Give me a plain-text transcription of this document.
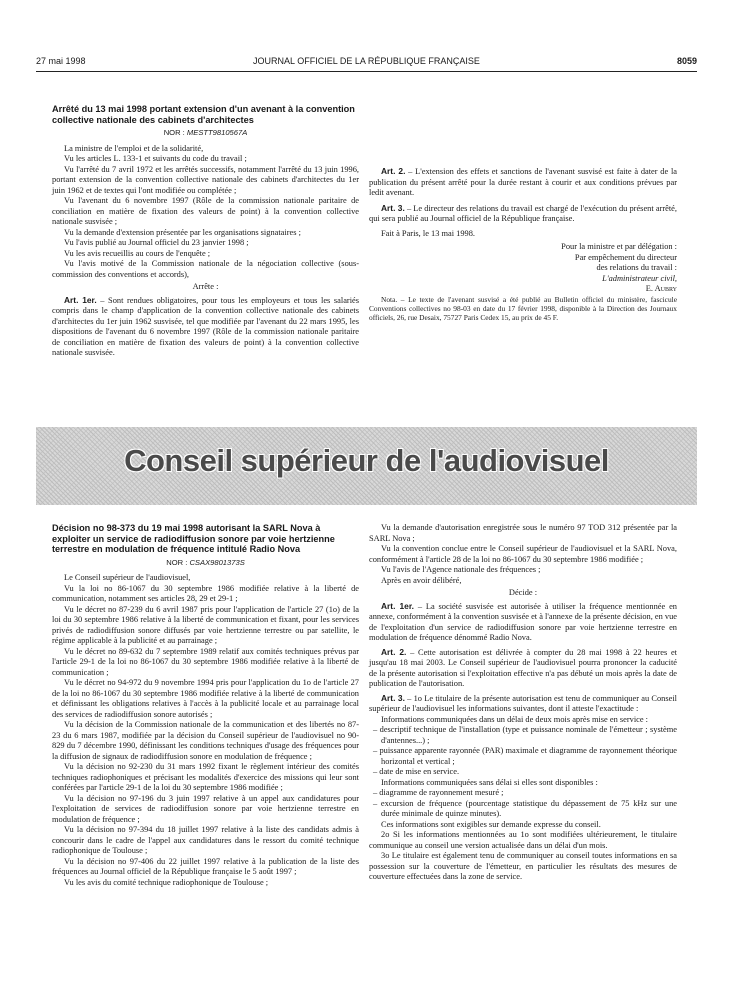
27 mai 1998	JOURNAL OFFICIEL DE LA RÉPUBLIQUE FRANÇAISE	8059
Arrêté du 13 mai 1998 portant extension d'un avenant à la convention collective nationale des cabinets d'architectes
NOR : MESTT9810567A

La ministre de l'emploi et de la solidarité,

Vu les articles L. 133-1 et suivants du code du travail ;

Vu l'arrêté du 7 avril 1972 et les arrêtés successifs, notamment l'arrêté du 13 juin 1996, portant extension de la convention collective nationale des cabinets d'architectes du 1er juin 1962 et de textes qui l'ont modifiée ou complétée ;

Vu l'avenant du 6 novembre 1997 (Rôle de la commission nationale paritaire de conciliation en matière de fixation des valeurs de point) à la convention collective nationale susvisée ;

Vu la demande d'extension présentée par les organisations signataires ;

Vu l'avis publié au Journal officiel du 23 janvier 1998 ;

Vu les avis recueillis au cours de l'enquête ;

Vu l'avis motivé de la Commission nationale de la négociation collective (sous-commission des conventions et accords),

Arrête :

Art. 1er. – Sont rendues obligatoires, pour tous les employeurs et tous les salariés compris dans le champ d'application de la convention collective nationale des cabinets d'architectes du 1er juin 1962 susvisée, tel que modifiée par l'avenant du 22 mars 1995, les dispositions de l'avenant du 6 novembre 1997 (Rôle de la commission nationale paritaire de conciliation en matière de fixation des valeurs de point) à la convention collective nationale susvisée.

Art. 2. – L'extension des effets et sanctions de l'avenant susvisé est faite à dater de la publication du présent arrêté pour la durée restant à courir et aux conditions prévues par ledit avenant.

Art. 3. – Le directeur des relations du travail est chargé de l'exécution du présent arrêté, qui sera publié au Journal officiel de la République française.

Fait à Paris, le 13 mai 1998.

Pour la ministre et par délégation :

Par empêchement du directeur

des relations du travail :

L'administrateur civil,

E. Aubry

Nota. – Le texte de l'avenant susvisé a été publié au Bulletin officiel du ministère, fascicule Conventions collectives no 98-03 en date du 17 février 1998, disponible à la Direction des Journaux officiels, 26, rue Desaix, 75727 Paris Cedex 15, au prix de 45 F.

Conseil supérieur de l'audiovisuel
Décision no 98-373 du 19 mai 1998 autorisant la SARL Nova à exploiter un service de radiodiffusion sonore par voie hertzienne terrestre en modulation de fréquence intitulé Radio Nova
NOR : CSAX9801373S

Le Conseil supérieur de l'audiovisuel,

Vu la loi no 86-1067 du 30 septembre 1986 modifiée relative à la liberté de communication, notamment ses articles 28, 29 et 29-1 ;

Vu le décret no 87-239 du 6 avril 1987 pris pour l'application de l'article 27 (1o) de la loi du 30 septembre 1986 relative à la liberté de communication et fixant, pour les services privés de radiodiffusion sonore diffusés par voie hertzienne terrestre ou par satellite, le régime applicable à la publicité et au parrainage ;

Vu le décret no 89-632 du 7 septembre 1989 relatif aux comités techniques prévus par l'article 29-1 de la loi no 86-1067 du 30 septembre 1986 modifiée relative à la liberté de communication ;

Vu le décret no 94-972 du 9 novembre 1994 pris pour l'application du 1o de l'article 27 de la loi no 86-1067 du 30 septembre 1986 modifiée relative à la liberté de communication et définissant les obligations relatives à l'accès à la publicité locale et au parrainage local des services de radiodiffusion sonore autorisés ;

Vu la décision de la Commission nationale de la communication et des libertés no 87-23 du 6 mars 1987, modifiée par la décision du Conseil supérieur de l'audiovisuel no 90-829 du 7 décembre 1990, définissant les conditions techniques d'usage des fréquences pour la diffusion de signaux de radiodiffusion sonore en modulation de fréquence ;

Vu la décision no 92-230 du 31 mars 1992 fixant le règlement intérieur des comités techniques radiophoniques et précisant les modalités d'exercice des missions qui leur sont conférées par l'article 29-1 de la loi du 30 septembre 1986 modifiée ;

Vu la décision no 97-196 du 3 juin 1997 relative à un appel aux candidatures pour l'exploitation de services de radiodiffusion sonore par voie hertzienne terrestre en modulation de fréquence ;

Vu la décision no 97-394 du 18 juillet 1997 relative à la liste des candidats admis à concourir dans le cadre de l'appel aux candidatures dans le ressort du comité technique radiophonique de Toulouse ;

Vu la décision no 97-406 du 22 juillet 1997 relative à la publication de la liste des fréquences au Journal officiel de la République française le 5 août 1997 ;

Vu les avis du comité technique radiophonique de Toulouse ;

Vu la demande d'autorisation enregistrée sous le numéro 97 TOD 312 présentée par la SARL Nova ;

Vu la convention conclue entre le Conseil supérieur de l'audiovisuel et la SARL Nova, conformément à l'article 28 de la loi no 86-1067 du 30 septembre 1986 modifiée ;

Vu l'avis de l'Agence nationale des fréquences ;

Après en avoir délibéré,

Décide :

Art. 1er. – La société susvisée est autorisée à utiliser la fréquence mentionnée en annexe, conformément à la convention susvisée et à l'annexe de la présente décision, en vue de l'exploitation d'un service de radiodiffusion sonore par voie hertzienne terrestre en modulation de fréquence dénommé Radio Nova.

Art. 2. – Cette autorisation est délivrée à compter du 28 mai 1998 à 22 heures et jusqu'au 18 mai 2003. Le Conseil supérieur de l'audiovisuel pourra prononcer la caducité de la présente autorisation si l'exploitation effective n'a pas débuté un mois après la date de publication de l'autorisation.

Art. 3. – 1o Le titulaire de la présente autorisation est tenu de communiquer au Conseil supérieur de l'audiovisuel les informations suivantes, dont il atteste l'exactitude :

Informations communiquées dans un délai de deux mois après mise en service :

– descriptif technique de l'installation (type et puissance nominale de l'émetteur ; système d'antennes...) ;

– puissance apparente rayonnée (PAR) maximale et diagramme de rayonnement théorique horizontal et vertical ;

– date de mise en service.

Informations communiquées sans délai si elles sont disponibles :

– diagramme de rayonnement mesuré ;

– excursion de fréquence (pourcentage statistique du dépassement de 75 kHz sur une durée minimale de quinze minutes).

Ces informations sont exigibles sur demande expresse du conseil.

2o Si les informations mentionnées au 1o sont modifiées ultérieurement, le titulaire communique au conseil une version actualisée dans un délai d'un mois.

3o Le titulaire est également tenu de communiquer au conseil toutes informations en sa possession sur la couverture de l'émetteur, en particulier les résultats des mesures de couverture effectuées dans la zone de service.
